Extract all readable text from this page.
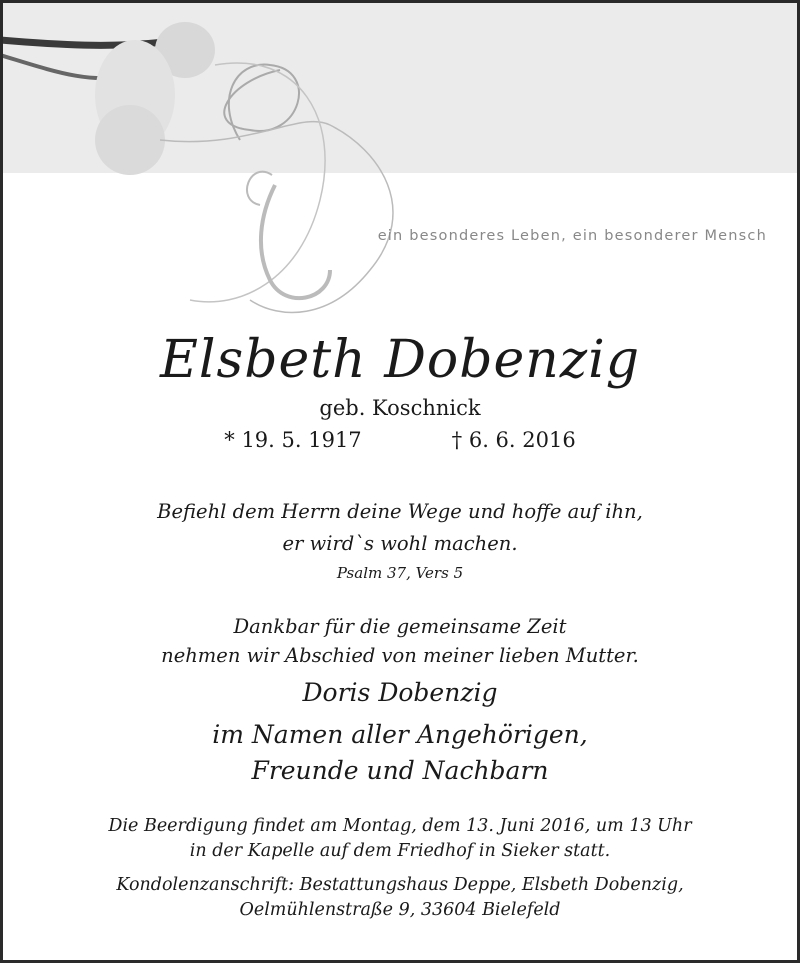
ein besonderes Leben, ein besonderer Mensch
Elsbeth Dobenzig
geb. Koschnick
* 19. 5. 1917	† 6. 6. 2016
Befiehl dem Herrn deine Wege und hoffe auf ihn,
er wird`s wohl machen.
Psalm 37, Vers 5
Dankbar für die gemeinsame Zeit
nehmen wir Abschied von meiner lieben Mutter.
Doris Dobenzig
im Namen aller Angehörigen,
Freunde und Nachbarn
Die Beerdigung findet am Montag, dem 13. Juni 2016, um 13 Uhr
in der Kapelle auf dem Friedhof in Sieker statt.
Kondolenzanschrift: Bestattungshaus Deppe, Elsbeth Dobenzig,
Oelmühlenstraße 9, 33604 Bielefeld
